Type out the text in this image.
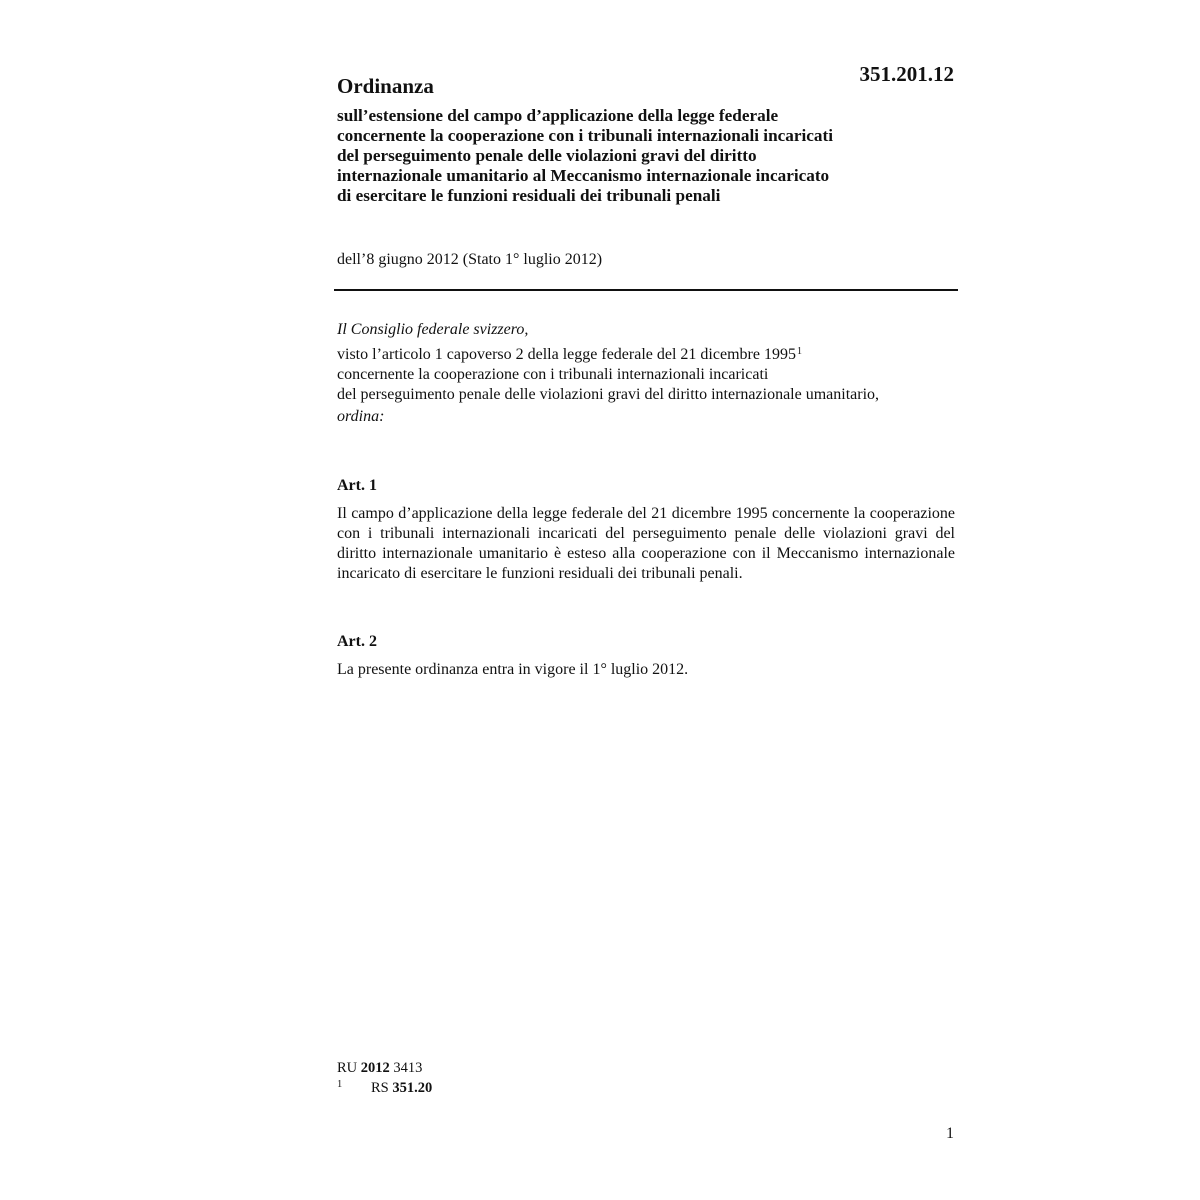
351.201.12
Ordinanza
sull’estensione del campo d’applicazione della legge federale
concernente la cooperazione con i tribunali internazionali incaricati
del perseguimento penale delle violazioni gravi del diritto
internazionale umanitario al Meccanismo internazionale incaricato
di esercitare le funzioni residuali dei tribunali penali
dell’8 giugno 2012 (Stato 1° luglio 2012)
Il Consiglio federale svizzero,
visto l’articolo 1 capoverso 2 della legge federale del 21 dicembre 1995$^1$
concernente la cooperazione con i tribunali internazionali incaricati
del perseguimento penale delle violazioni gravi del diritto internazionale umanitario,
ordina:
Art. 1
Il campo d’applicazione della legge federale del 21 dicembre 1995 concernente la cooperazione con i tribunali internazionali incaricati del perseguimento penale delle violazioni gravi del diritto internazionale umanitario è esteso alla cooperazione con il Meccanismo internazionale incaricato di esercitare le funzioni residuali dei tribunali penali.
Art. 2
La presente ordinanza entra in vigore il 1° luglio 2012.
RU 2012 3413
1 RS 351.20
1
